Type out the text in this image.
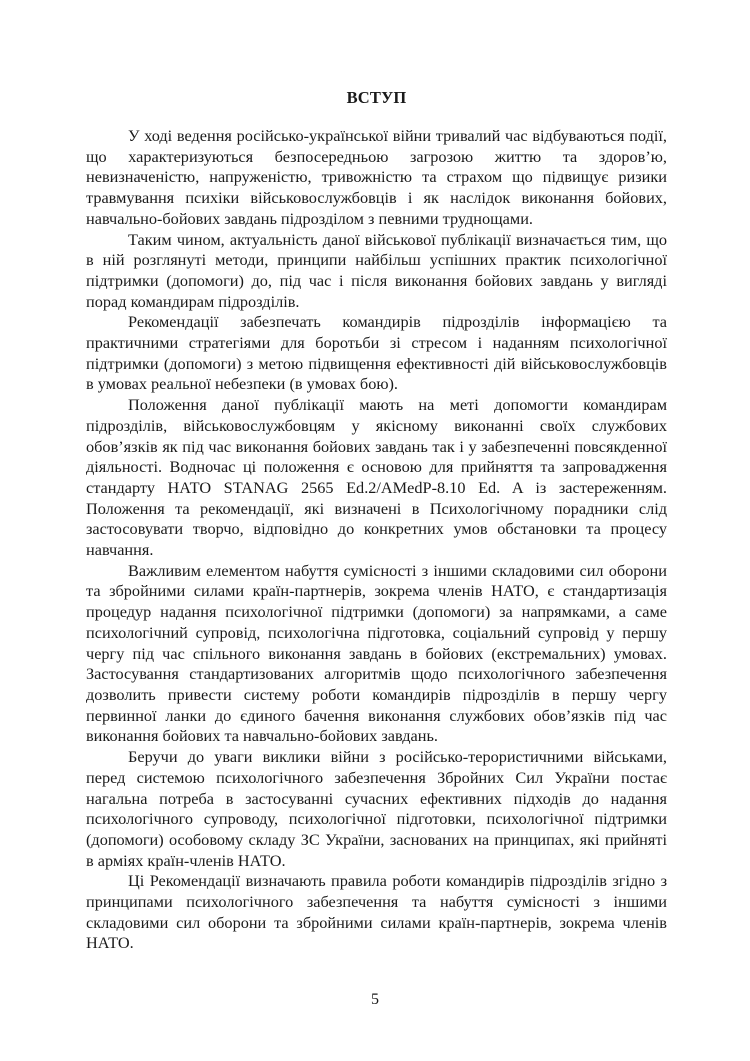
ВСТУП

У ході ведення російсько-української війни тривалий час відбуваються події, що характеризуються безпосередньою загрозою життю та здоров’ю, невизначеністю, напруженістю, тривожністю та страхом що підвищує ризики травмування психіки військовослужбовців і як наслідок виконання бойових, навчально-бойових завдань підрозділом з певними труднощами.

Таким чином, актуальність даної військової публікації визначається тим, що в ній розглянуті методи, принципи найбільш успішних практик психологічної підтримки (допомоги) до, під час і після виконання бойових завдань у вигляді порад командирам підрозділів.

Рекомендації забезпечать командирів підрозділів інформацією та практичними стратегіями для боротьби зі стресом і наданням психологічної підтримки (допомоги) з метою підвищення ефективності дій військовослужбовців в умовах реальної небезпеки (в умовах бою).

Положення даної публікації мають на меті допомогти командирам підрозділів, військовослужбовцям у якісному виконанні своїх службових обов’язків як під час виконання бойових завдань так і у забезпеченні повсякденної діяльності. Водночас ці положення є основою для прийняття та запровадження стандарту НАТО STANAG 2565 Ed.2/AMedP-8.10 Ed. A із застереженням. Положення та рекомендації, які визначені в Психологічному порадники слід застосовувати творчо, відповідно до конкретних умов обстановки та процесу навчання.

Важливим елементом набуття сумісності з іншими складовими сил оборони та збройними силами країн-партнерів, зокрема членів НАТО, є стандартизація процедур надання психологічної підтримки (допомоги) за напрямками, а саме психологічний супровід, психологічна підготовка, соціальний супровід у першу чергу під час спільного виконання завдань в бойових (екстремальних) умовах. Застосування стандартизованих алгоритмів щодо психологічного забезпечення дозволить привести систему роботи командирів підрозділів в першу чергу первинної ланки до єдиного бачення виконання службових обов’язків під час виконання бойових та навчально-бойових завдань.

Беручи до уваги виклики війни з російсько-терористичними військами, перед системою психологічного забезпечення Збройних Сил України постає нагальна потреба в застосуванні сучасних ефективних підходів до надання психологічного супроводу, психологічної підготовки, психологічної підтримки (допомоги) особовому складу ЗС України, заснованих на принципах, які прийняті в арміях країн-членів НАТО.

Ці Рекомендації визначають правила роботи командирів підрозділів згідно з принципами психологічного забезпечення та набуття сумісності з іншими складовими сил оборони та збройними силами країн-партнерів, зокрема членів НАТО.

5
